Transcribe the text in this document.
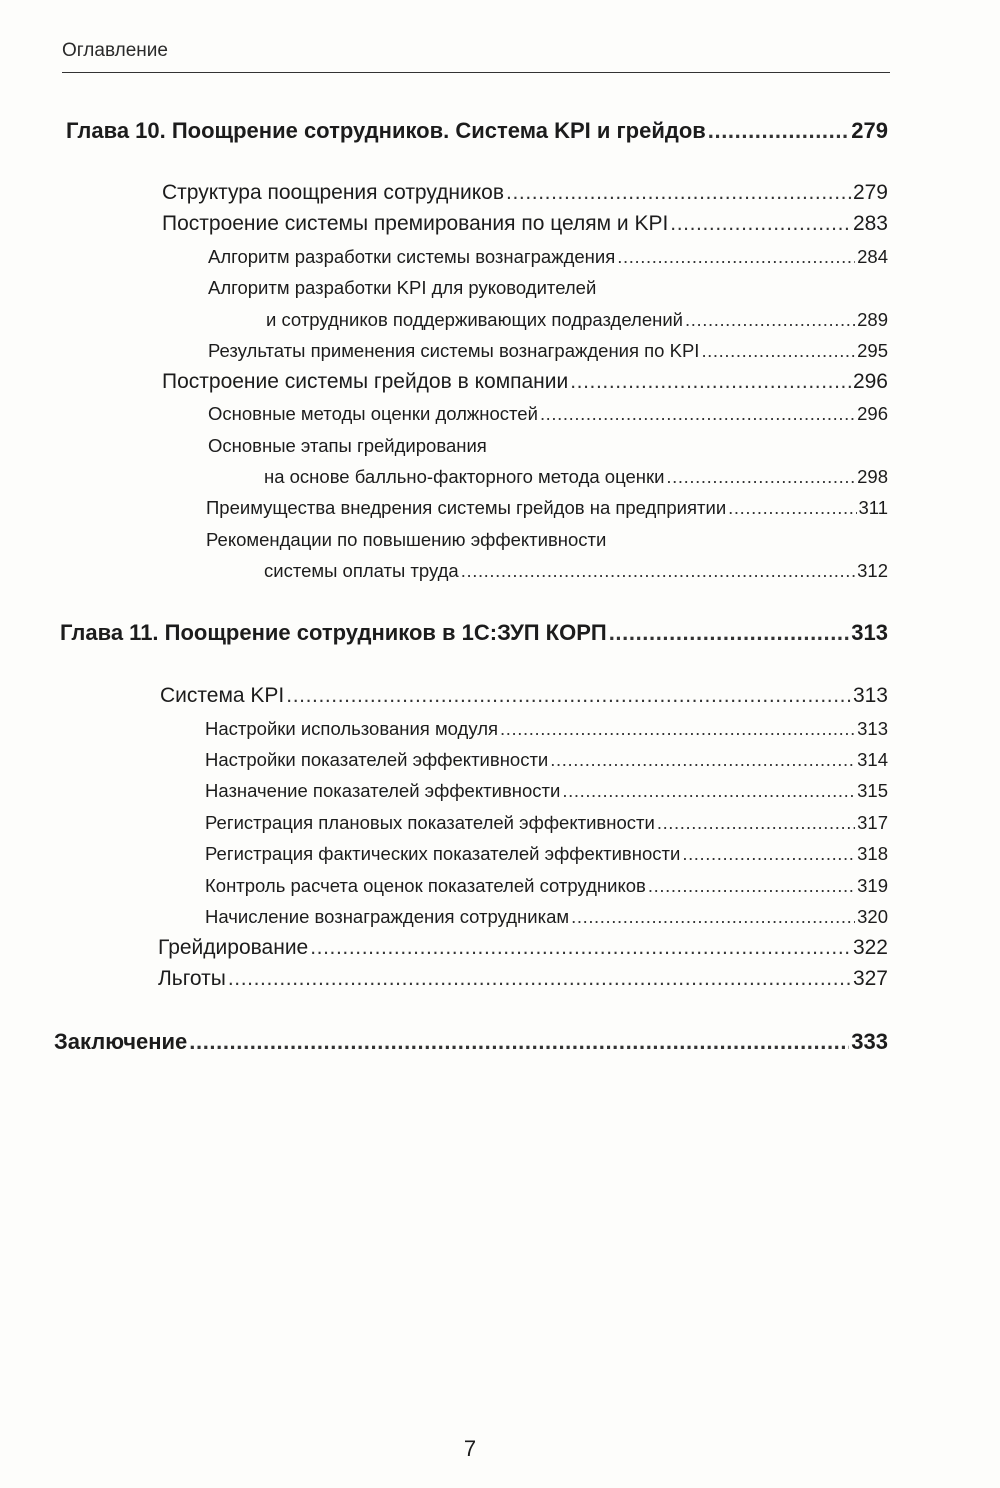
Оглавление
Глава 10. Поощрение сотрудников. Система KPI и грейдов .....	279
Структура поощрения сотрудников .....	279
Построение системы премирования по целям и KPI .....	283
Алгоритм разработки системы вознаграждения .....	284
Алгоритм разработки KPI для руководителей
и сотрудников поддерживающих подразделений .....	289
Результаты применения системы вознаграждения по KPI .....	295
Построение системы грейдов в компании .....	296
Основные методы оценки должностей .....	296
Основные этапы грейдирования
на основе балльно-факторного метода оценки .....	298
Преимущества внедрения системы грейдов на предприятии .....	311
Рекомендации по повышению эффективности
системы оплаты труда .....	312
Глава 11. Поощрение сотрудников в 1С:ЗУП КОРП .....	313
Система KPI .....	313
Настройки использования модуля .....	313
Настройки показателей эффективности .....	314
Назначение показателей эффективности .....	315
Регистрация плановых показателей эффективности .....	317
Регистрация фактических показателей эффективности .....	318
Контроль расчета оценок показателей сотрудников .....	319
Начисление вознаграждения сотрудникам .....	320
Грейдирование .....	322
Льготы .....	327
Заключение .....	333
7
